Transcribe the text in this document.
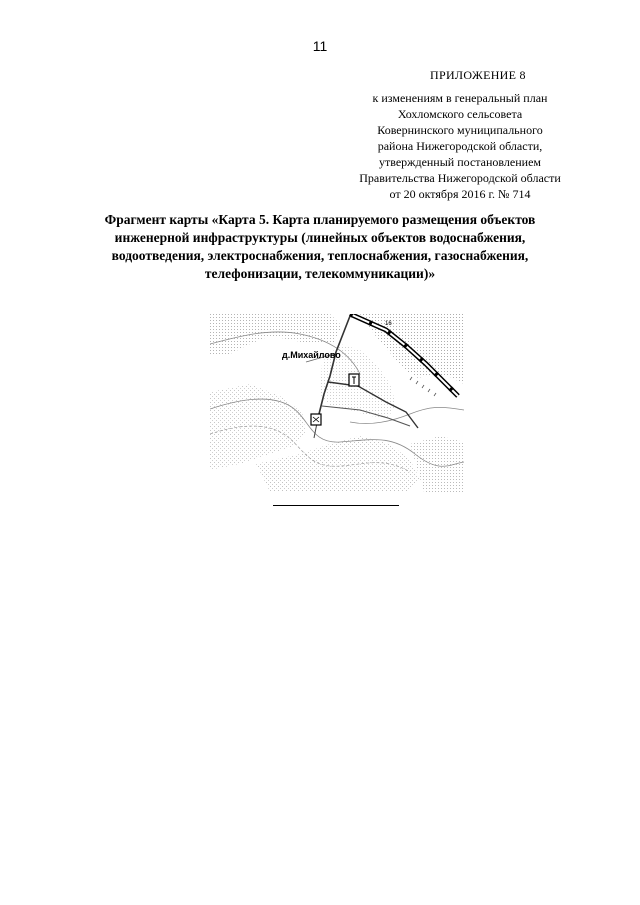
11
ПРИЛОЖЕНИЕ 8
к изменениям в генеральный план
Хохломского сельсовета
Ковернинского муниципального
района Нижегородской области,
утвержденный постановлением
Правительства Нижегородской области
от 20 октября 2016 г. № 714
Фрагмент карты «Карта 5. Карта планируемого размещения объектов
инженерной инфраструктуры (линейных объектов водоснабжения,
водоотведения, электроснабжения, теплоснабжения, газоснабжения,
телефонизации, телекоммуникации)»
д.Михайлово
16
